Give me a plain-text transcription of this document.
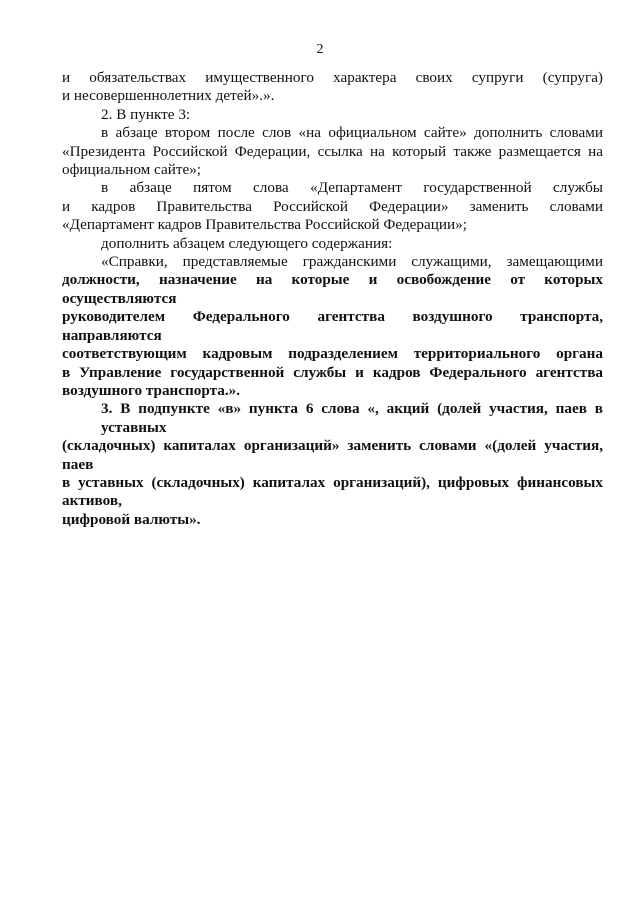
2
и обязательствах имущественного характера своих супруги (супруга)
и несовершеннолетних детей».».
2. В пункте 3:
в абзаце втором после слов «на официальном сайте» дополнить словами
«Президента Российской Федерации, ссылка на который также размещается на
официальном сайте»;
в абзаце пятом слова «Департамент государственной службы
и кадров Правительства Российской Федерации» заменить словами
«Департамент кадров Правительства Российской Федерации»;
дополнить абзацем следующего содержания:
«Справки, представляемые гражданскими служащими, замещающими
должности, назначение на которые и освобождение от которых осуществляются
руководителем Федерального агентства воздушного транспорта, направляются
соответствующим кадровым подразделением территориального органа
в Управление государственной службы и кадров Федерального агентства
воздушного транспорта.».
3. В подпункте «в» пункта 6 слова «, акций (долей участия, паев в уставных
(складочных) капиталах организаций» заменить словами «(долей участия, паев
в уставных (складочных) капиталах организаций), цифровых финансовых активов,
цифровой валюты».
